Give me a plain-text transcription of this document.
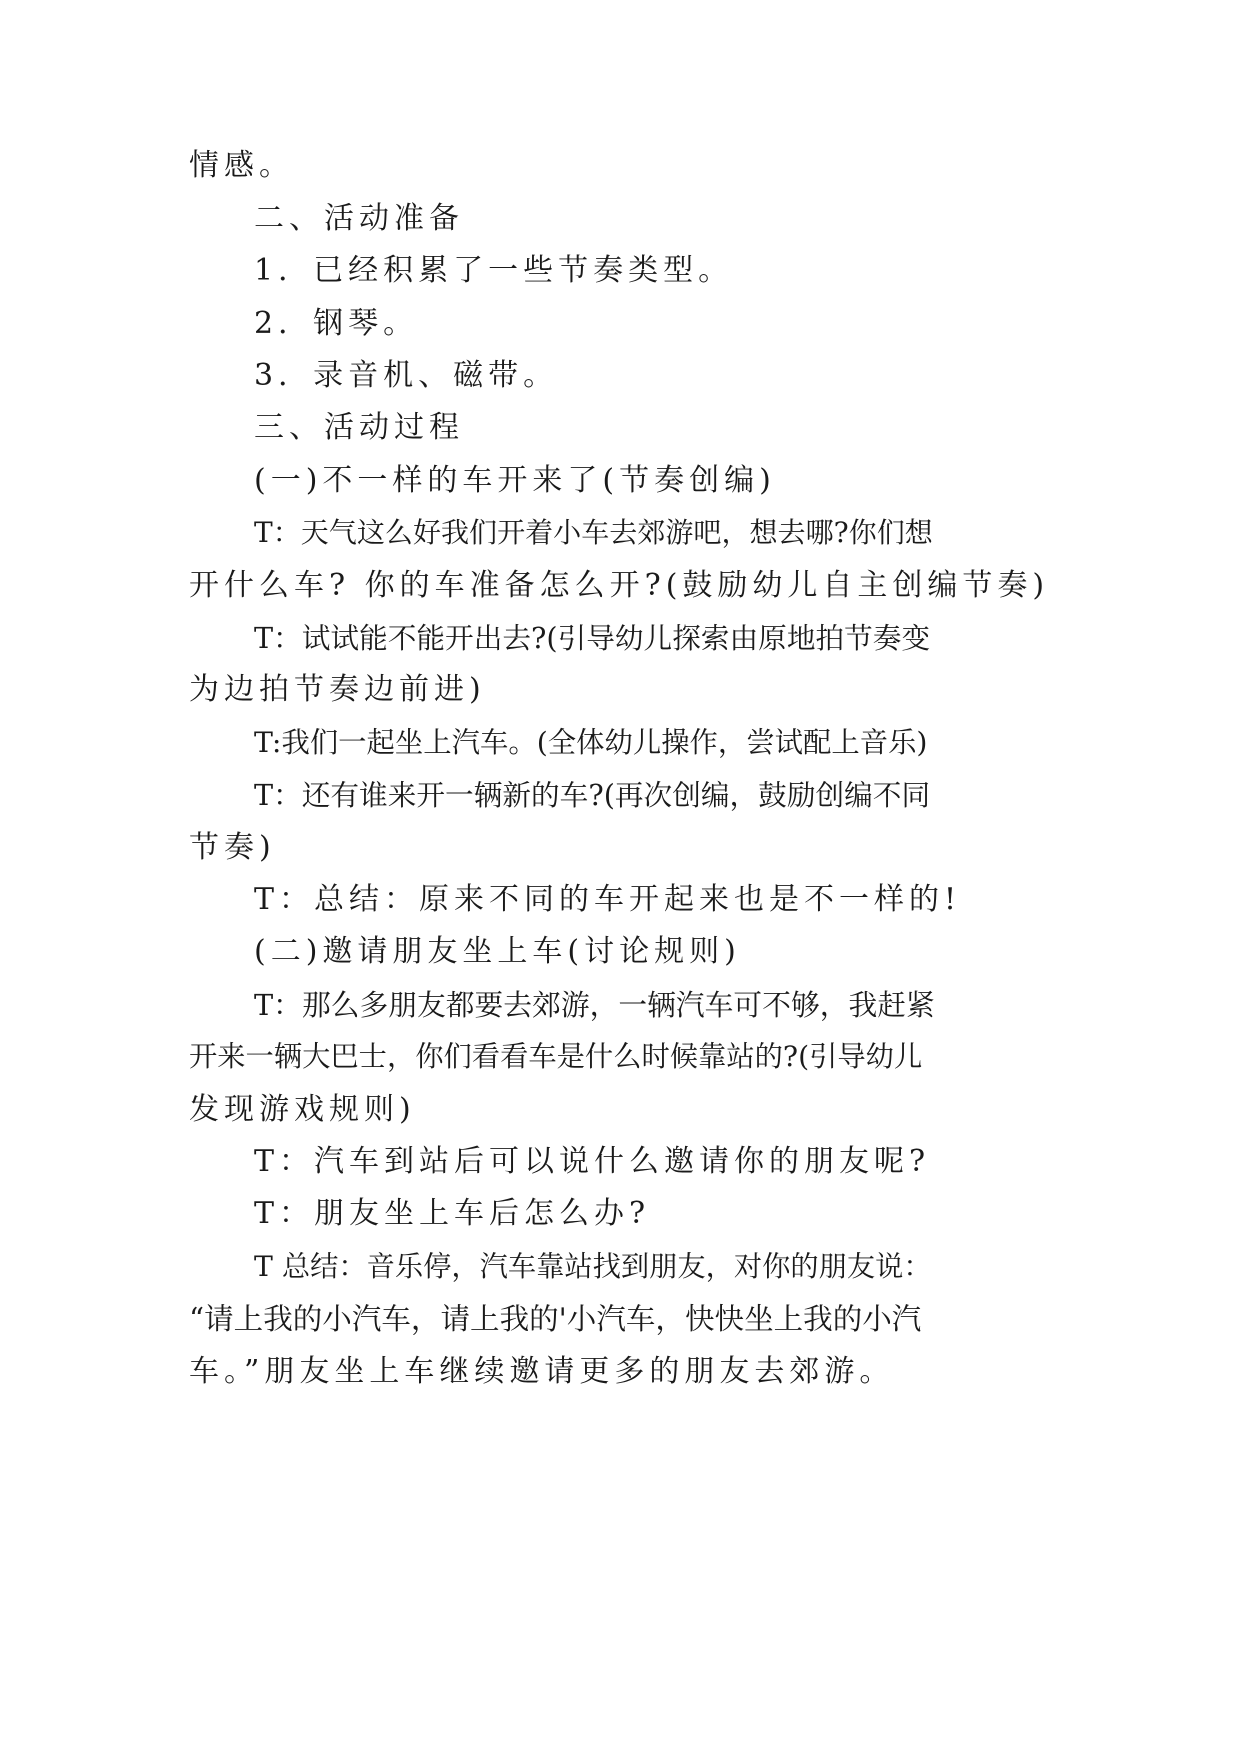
情感。
二、活动准备
1．已经积累了一些节奏类型。
2．钢琴。
3．录音机、磁带。
三、活动过程
(一)不一样的车开来了(节奏创编)
T：天气这么好我们开着小车去郊游吧，想去哪?你们想
开什么车? 你的车准备怎么开?(鼓励幼儿自主创编节奏)
T：试试能不能开出去?(引导幼儿探索由原地拍节奏变
为边拍节奏边前进)
T:我们一起坐上汽车。(全体幼儿操作，尝试配上音乐)
T：还有谁来开一辆新的车?(再次创编，鼓励创编不同
节奏)
T：总结：原来不同的车开起来也是不一样的!
(二)邀请朋友坐上车(讨论规则)
T：那么多朋友都要去郊游，一辆汽车可不够，我赶紧
开来一辆大巴士，你们看看车是什么时候靠站的?(引导幼儿
发现游戏规则)
T：汽车到站后可以说什么邀请你的朋友呢?
T：朋友坐上车后怎么办?
T 总结：音乐停，汽车靠站找到朋友，对你的朋友说：
“请上我的小汽车，请上我的'小汽车，快快坐上我的小汽
车。”朋友坐上车继续邀请更多的朋友去郊游。
